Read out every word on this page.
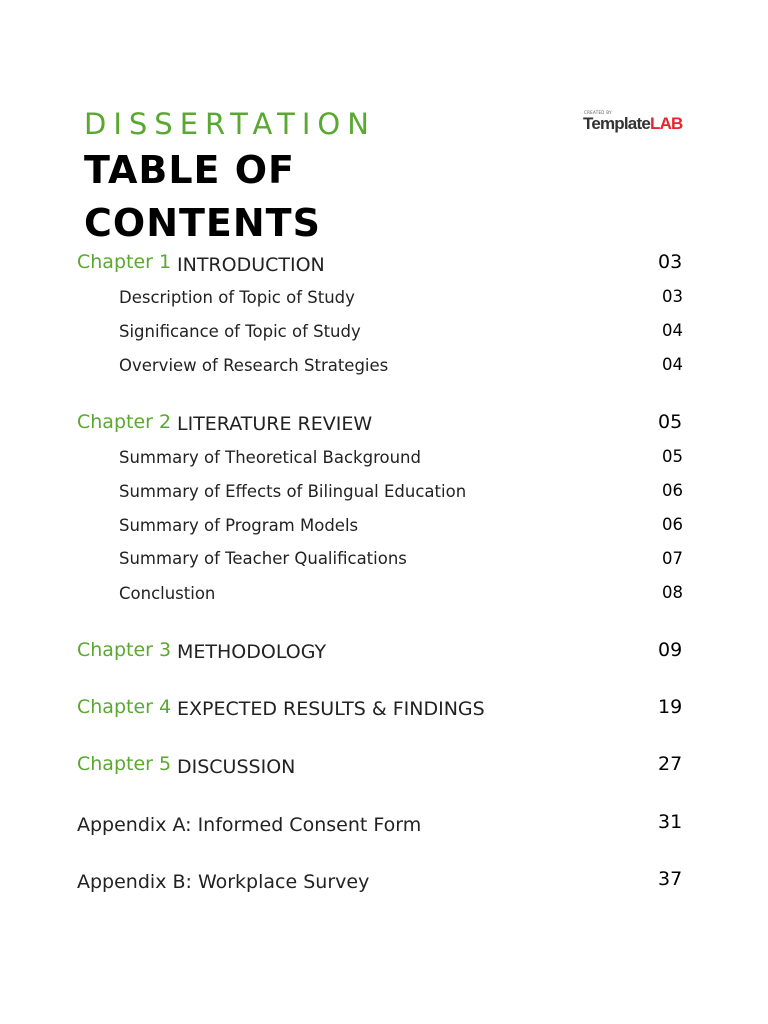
DISSERTATION
TABLE OF
CONTENTS
CREATED BY
TemplateLAB
Chapter 1 INTRODUCTION	03
Description of Topic of Study	03
Significance of Topic of Study	04
Overview of Research Strategies	04
Chapter 2 LITERATURE REVIEW	05
Summary of Theoretical Background	05
Summary of Effects of Bilingual Education	06
Summary of Program Models	06
Summary of Teacher Qualifications	07
Conclustion	08
Chapter 3 METHODOLOGY	09
Chapter 4 EXPECTED RESULTS & FINDINGS	19
Chapter 5 DISCUSSION	27
Appendix A: Informed Consent Form	31
Appendix B: Workplace Survey	37
